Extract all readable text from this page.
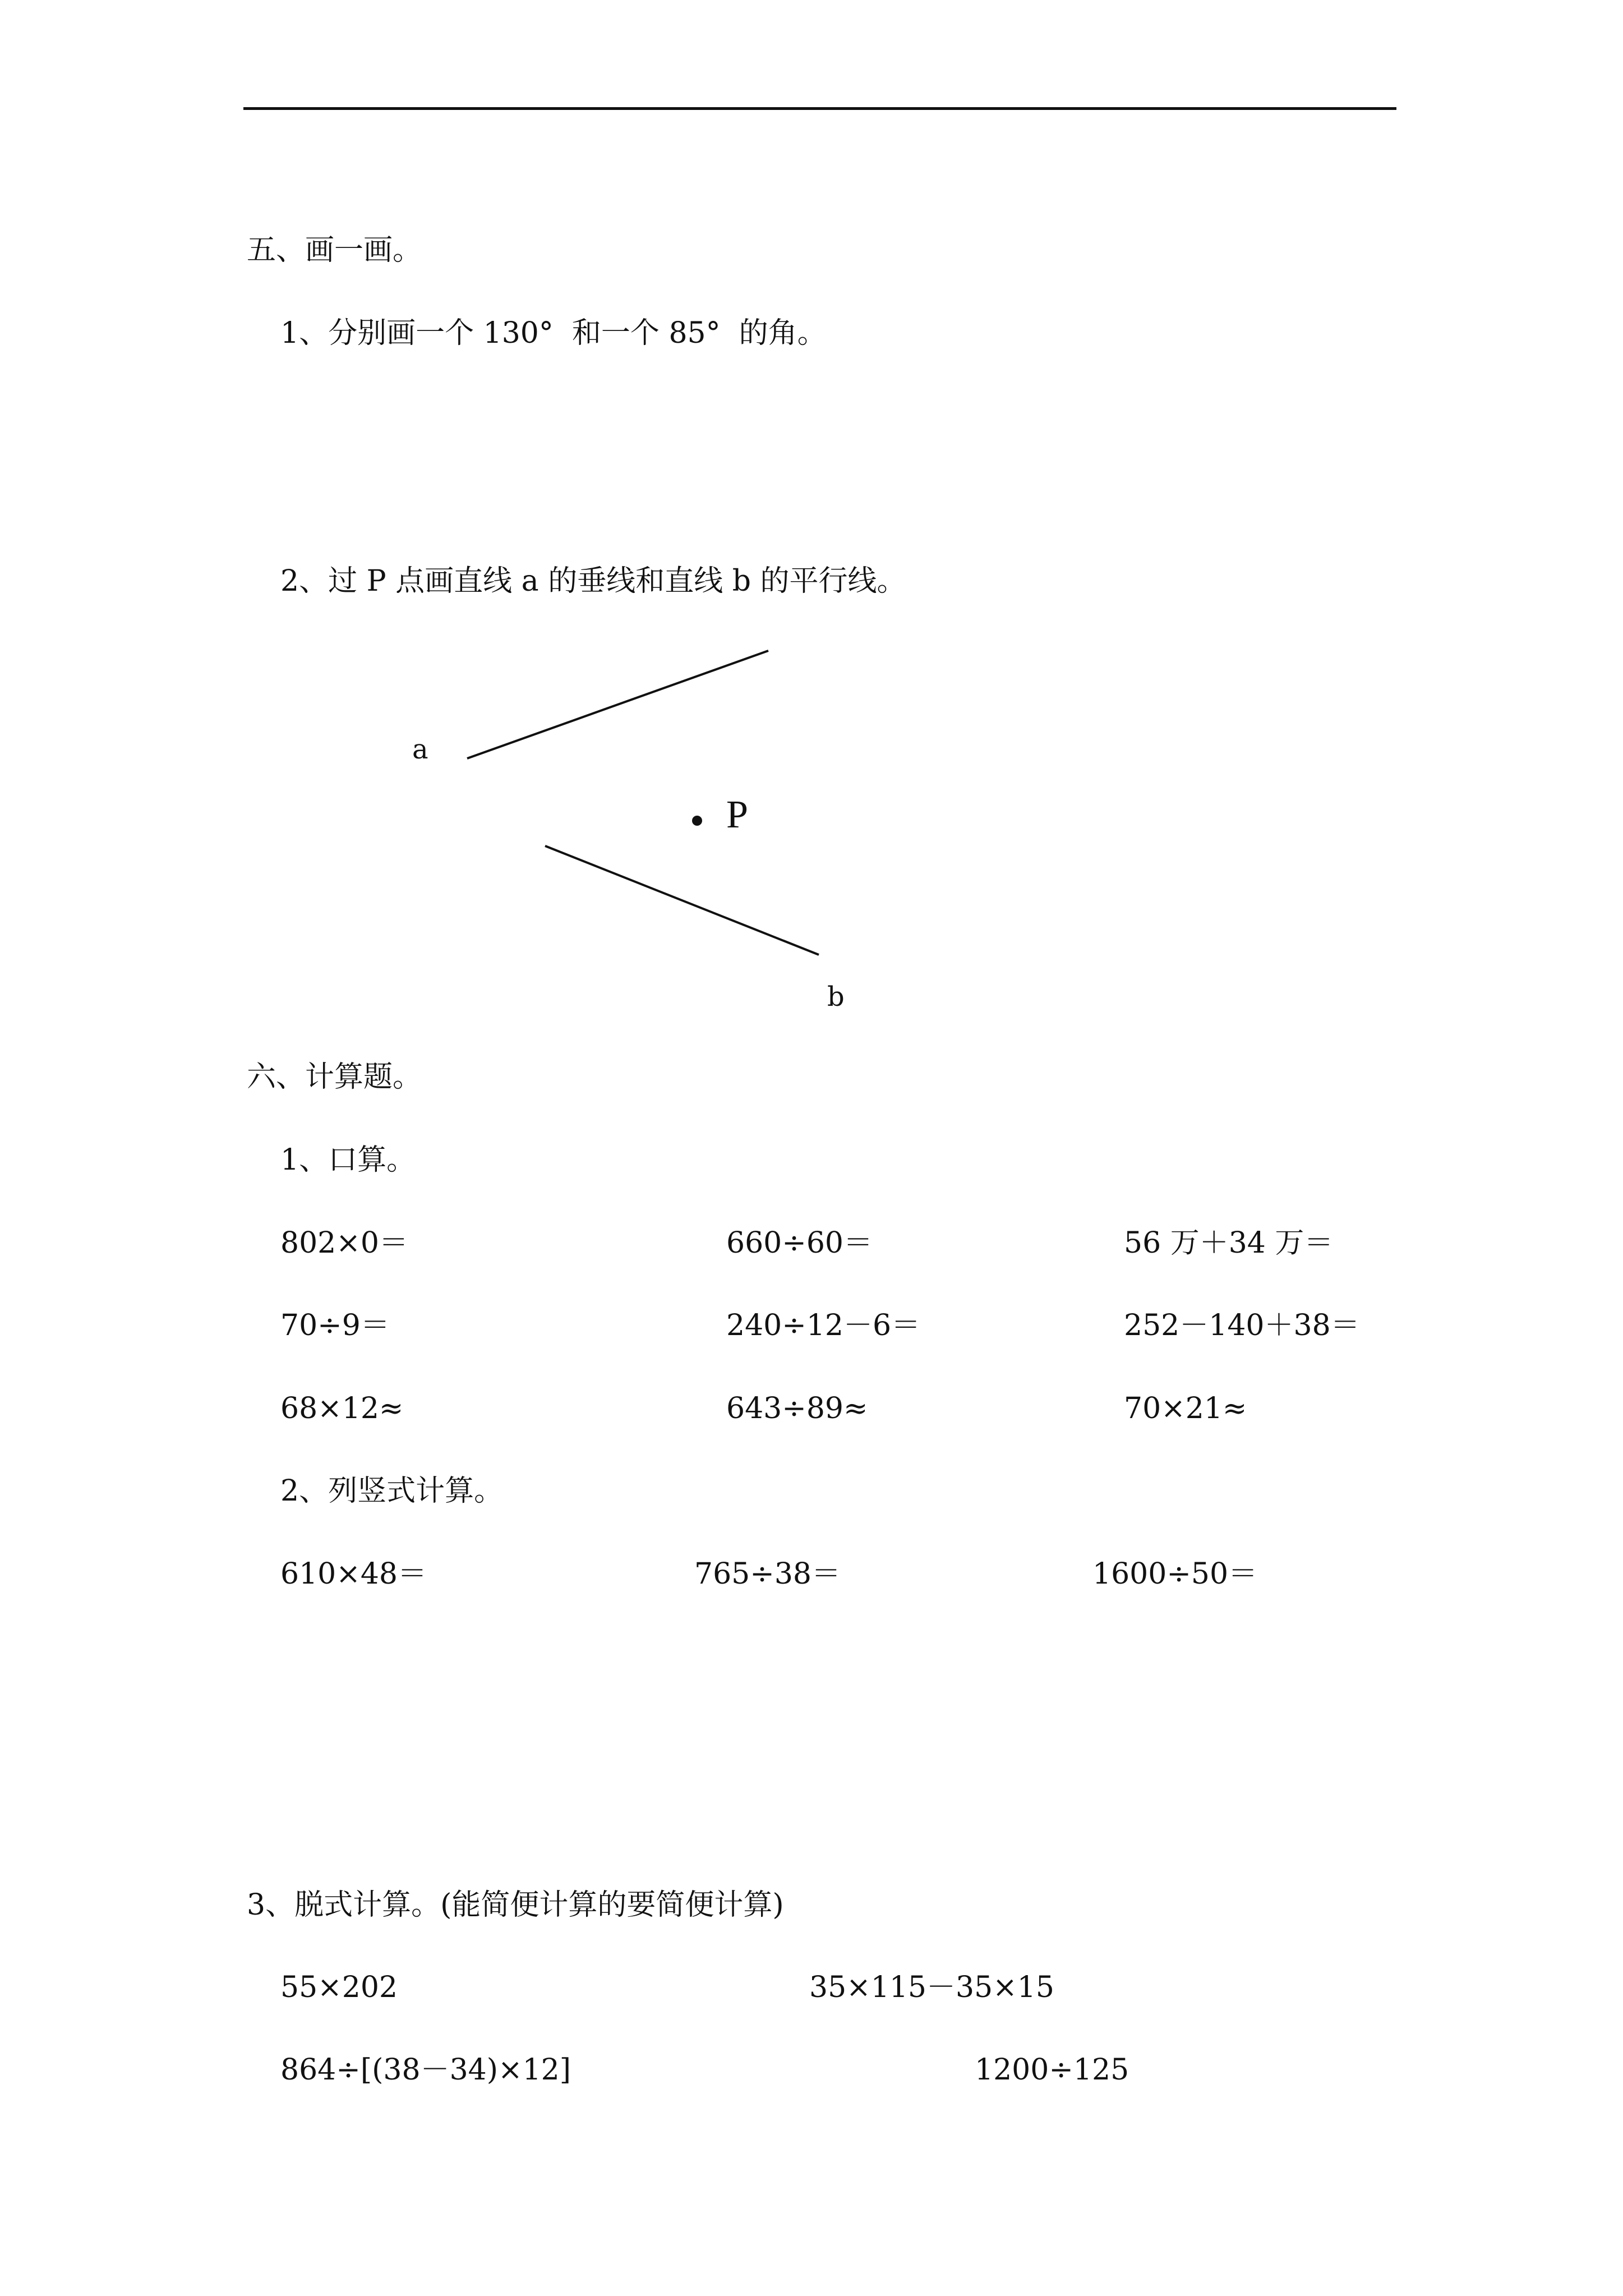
五、画一画。
1、分别画一个 130°  和一个 85°  的角。
2、过 P 点画直线 a 的垂线和直线 b 的平行线。
a
b
P
六、计算题。
1、口算。
802×0＝	660÷60＝	56 万＋34 万＝
70÷9＝	240÷12－6＝	252－140＋38＝
68×12≈	643÷89≈	70×21≈
2、列竖式计算。
610×48＝	765÷38＝	1600÷50＝
3、脱式计算。(能简便计算的要简便计算)
55×202	35×115－35×15
864÷[(38－34)×12]	1200÷125
